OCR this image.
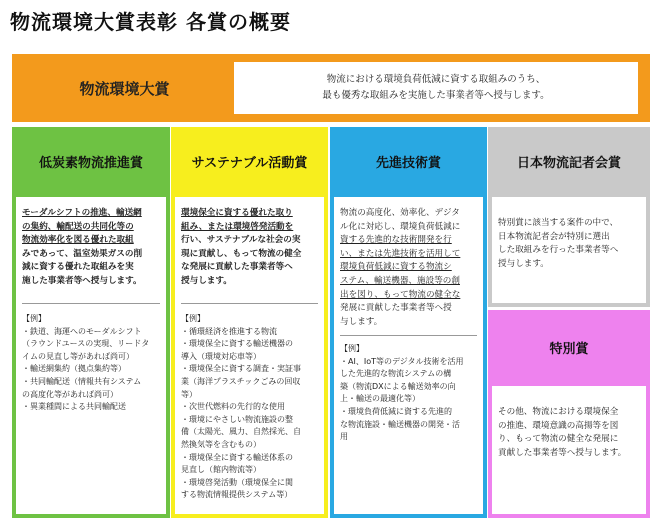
物流環境大賞表彰 各賞の概要
物流環境大賞	物流における環境負荷低減に資する取組みのうち、
最も優秀な取組みを実施した事業者等へ授与します。
低炭素物流推進賞
モーダルシフトの推進、輸送網
の集約、輸配送の共同化等の
物流効率化を図る優れた取組
みであって、温室効果ガスの削
減に資する優れた取組みを実
施した事業者等へ授与します。
【例】
・鉄道、海運へのモーダルシフト
（ラウンドユースの実現、リードタ
イムの見直し等があれば尚可）
・輸送網集約（拠点集約等）
・共同輸配送（情報共有システム
の高度化等があれば尚可）
・異業種間による共同輸配送
サステナブル活動賞
環境保全に資する優れた取り
組み、または環境啓発活動を
行い、サステナブルな社会の実
現に貢献し、もって物流の健全
な発展に貢献した事業者等へ
授与します。
【例】
・循環経済を推進する物流
・環境保全に資する輸送機器の
導入（環境対応車等）
・環境保全に資する調査・実証事
業（海洋プラスチックごみの回収
等）
・次世代燃料の先行的な使用
・環境にやさしい物流施設の整
備（太陽光、風力、自然採光、自
然換気等を含むもの）
・環境保全に資する輸送体系の
見直し（館内物流等）
・環境啓発活動（環境保全に関
する物流情報提供システム等）
先進技術賞
物流の高度化、効率化、デジタ
ル化に対応し、環境負荷低減に
資する先進的な技術開発を行
い、または先進技術を活用して
環境負荷低減に資する物流シ
ステム、輸送機器、施設等の創
出を図り、もって物流の健全な
発展に貢献した事業者等へ授
与します。
【例】
・AI、IoT等のデジタル技術を活用
した先進的な物流システムの構
築（物流DXによる輸送効率の向
上・輸送の最適化等）
・環境負荷低減に資する先進的
な物流施設・輸送機器の開発・活
用
日本物流記者会賞
特別賞に該当する案件の中で、
日本物流記者会が特別に選出
した取組みを行った事業者等へ
授与します。
特別賞
その他、物流における環境保全
の推進、環境意識の高揚等を図
り、もって物流の健全な発展に
貢献した事業者等へ授与します。
